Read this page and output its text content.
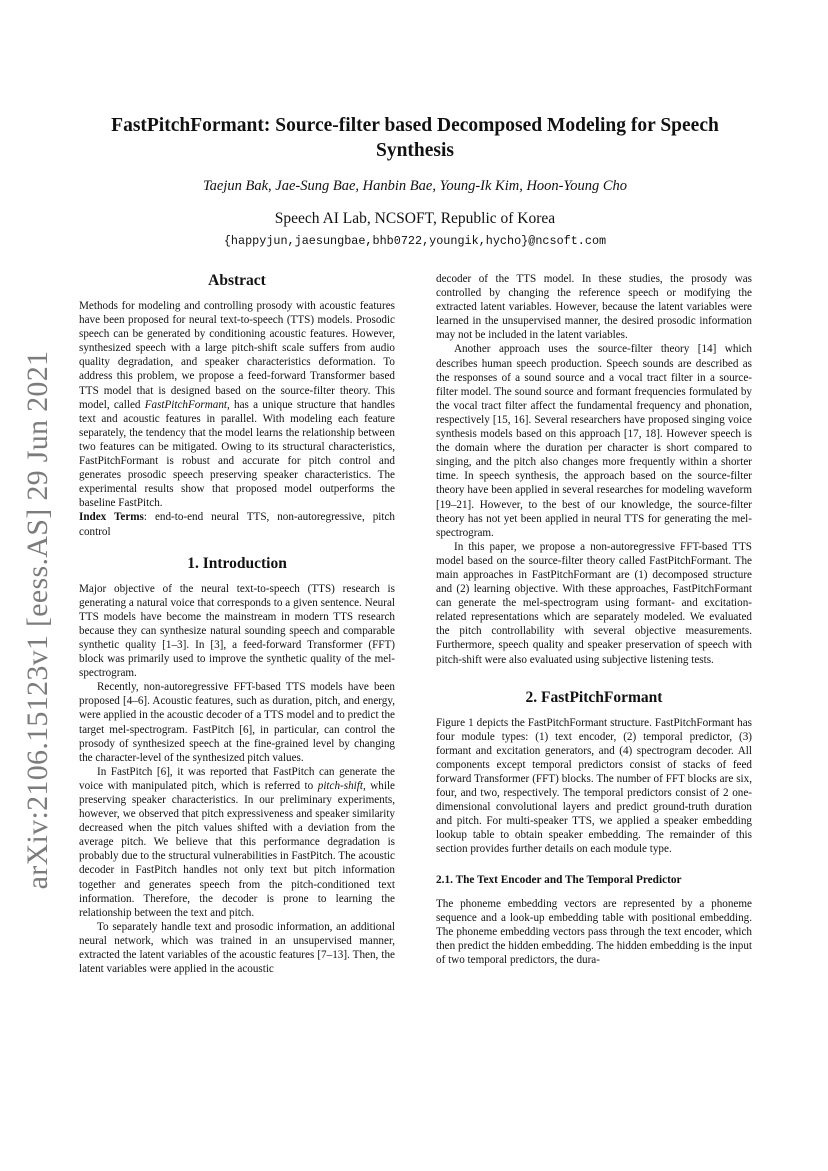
arXiv:2106.15123v1 [eess.AS] 29 Jun 2021
FastPitchFormant: Source-filter based Decomposed Modeling for Speech Synthesis
Taejun Bak, Jae-Sung Bae, Hanbin Bae, Young-Ik Kim, Hoon-Young Cho
Speech AI Lab, NCSOFT, Republic of Korea
{happyjun,jaesungbae,bhb0722,youngik,hycho}@ncsoft.com
Abstract

Methods for modeling and controlling prosody with acoustic features have been proposed for neural text-to-speech (TTS) models. Prosodic speech can be generated by conditioning acoustic features. However, synthesized speech with a large pitch-shift scale suffers from audio quality degradation, and speaker characteristics deformation. To address this problem, we propose a feed-forward Transformer based TTS model that is designed based on the source-filter theory. This model, called FastPitchFormant, has a unique structure that handles text and acoustic features in parallel. With modeling each feature separately, the tendency that the model learns the relationship between two features can be mitigated. Owing to its structural characteristics, FastPitchFormant is robust and accurate for pitch control and generates prosodic speech preserving speaker characteristics. The experimental results show that proposed model outperforms the baseline FastPitch.

Index Terms: end-to-end neural TTS, non-autoregressive, pitch control

1. Introduction

Major objective of the neural text-to-speech (TTS) research is generating a natural voice that corresponds to a given sentence. Neural TTS models have become the mainstream in modern TTS research because they can synthesize natural sounding speech and comparable synthetic quality [1–3]. In [3], a feed-forward Transformer (FFT) block was primarily used to improve the synthetic quality of the mel-spectrogram.

Recently, non-autoregressive FFT-based TTS models have been proposed [4–6]. Acoustic features, such as duration, pitch, and energy, were applied in the acoustic decoder of a TTS model and to predict the target mel-spectrogram. FastPitch [6], in particular, can control the prosody of synthesized speech at the fine-grained level by changing the character-level of the synthesized pitch values.

In FastPitch [6], it was reported that FastPitch can generate the voice with manipulated pitch, which is referred to pitch-shift, while preserving speaker characteristics. In our preliminary experiments, however, we observed that pitch expressiveness and speaker similarity decreased when the pitch values shifted with a deviation from the average pitch. We believe that this performance degradation is probably due to the structural vulnerabilities in FastPitch. The acoustic decoder in FastPitch handles not only text but pitch information together and generates speech from the pitch-conditioned text information. Therefore, the decoder is prone to learning the relationship between the text and pitch.

To separately handle text and prosodic information, an additional neural network, which was trained in an unsupervised manner, extracted the latent variables of the acoustic features [7–13]. Then, the latent variables were applied in the acoustic

decoder of the TTS model. In these studies, the prosody was controlled by changing the reference speech or modifying the extracted latent variables. However, because the latent variables were learned in the unsupervised manner, the desired prosodic information may not be included in the latent variables.

Another approach uses the source-filter theory [14] which describes human speech production. Speech sounds are described as the responses of a sound source and a vocal tract filter in a source-filter model. The sound source and formant frequencies formulated by the vocal tract filter affect the fundamental frequency and phonation, respectively [15, 16]. Several researchers have proposed singing voice synthesis models based on this approach [17, 18]. However speech is the domain where the duration per character is short compared to singing, and the pitch also changes more frequently within a shorter time. In speech synthesis, the approach based on the source-filter theory have been applied in several researches for modeling waveform [19–21]. However, to the best of our knowledge, the source-filter theory has not yet been applied in neural TTS for generating the mel-spectrogram.

In this paper, we propose a non-autoregressive FFT-based TTS model based on the source-filter theory called FastPitchFormant. The main approaches in FastPitchFormant are (1) decomposed structure and (2) learning objective. With these approaches, FastPitchFormant can generate the mel-spectrogram using formant- and excitation-related representations which are separately modeled. We evaluated the pitch controllability with several objective measurements. Furthermore, speech quality and speaker preservation of speech with pitch-shift were also evaluated using subjective listening tests.

2. FastPitchFormant

Figure 1 depicts the FastPitchFormant structure. FastPitchFormant has four module types: (1) text encoder, (2) temporal predictor, (3) formant and excitation generators, and (4) spectrogram decoder. All components except temporal predictors consist of stacks of feed forward Transformer (FFT) blocks. The number of FFT blocks are six, four, and two, respectively. The temporal predictors consist of 2 one-dimensional convolutional layers and predict ground-truth duration and pitch. For multi-speaker TTS, we applied a speaker embedding lookup table to obtain speaker embedding. The remainder of this section provides further details on each module type.

2.1. The Text Encoder and The Temporal Predictor

The phoneme embedding vectors are represented by a phoneme sequence and a look-up embedding table with positional embedding. The phoneme embedding vectors pass through the text encoder, which then predict the hidden embedding. The hidden embedding is the input of two temporal predictors, the dura-
